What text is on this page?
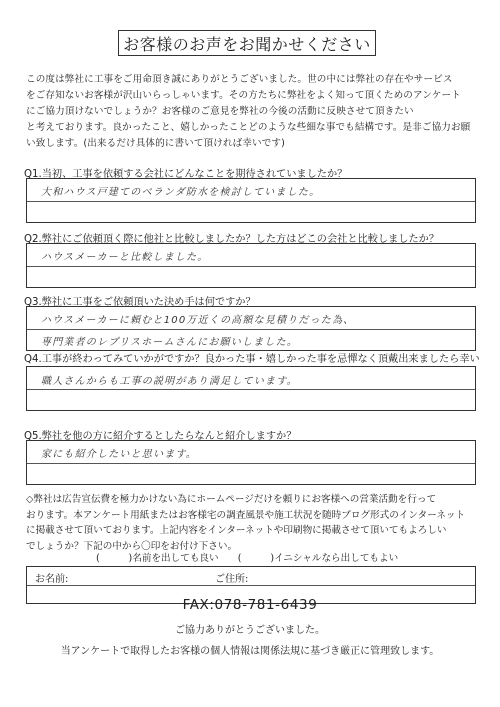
お客様のお声をお聞かせください
この度は弊社に工事をご用命頂き誠にありがとうございました。世の中には弊社の存在やサービス
をご存知ないお客様が沢山いらっしゃいます。その方たちに弊社をよく知って頂くためのアンケート
にご協力頂けないでしょうか？お客様のご意見を弊社の今後の活動に反映させて頂きたい
と考えております。良かったこと、嬉しかったことどのような些細な事でも結構です。是非ご協力お願
い致します。(出来るだけ具体的に書いて頂ければ幸いです)
Q1.当初、工事を依頼する会社にどんなことを期待されていましたか？
大和ハウス戸建てのベランダ防水を検討していました。
Q2.弊社にご依頼頂く際に他社と比較しましたか？した方はどこの会社と比較しましたか？
ハウスメーカーと比較しました。
Q3.弊社に工事をご依頼頂いた決め手は何ですか？
ハウスメーカーに頼むと100万近くの高額な見積りだった為、
専門業者のレプリスホームさんにお願いしました。
Q4.工事が終わってみていかがですか？良かった事・嬉しかった事を忌憚なく頂戴出来ましたら幸い
職人さんからも工事の説明があり満足しています。
Q5.弊社を他の方に紹介するとしたらなんと紹介しますか？
家にも紹介したいと思います。
◇弊社は広告宣伝費を極力かけない為にホームページだけを頼りにお客様への営業活動を行って
おります。本アンケート用紙またはお客様宅の調査風景や施工状況を随時ブログ形式のインターネット
に掲載させて頂いております。上記内容をインターネットや印刷物に掲載させて頂いてもよろしい
でしょうか？下記の中から〇印をお付け下さい。
(　　　)名前を出しても良い　　(　　　)イニシャルなら出してもよい
お名前:	ご住所:
FAX:078-781-6439
ご協力ありがとうございました。
当アンケートで取得したお客様の個人情報は関係法規に基づき厳正に管理致します。
